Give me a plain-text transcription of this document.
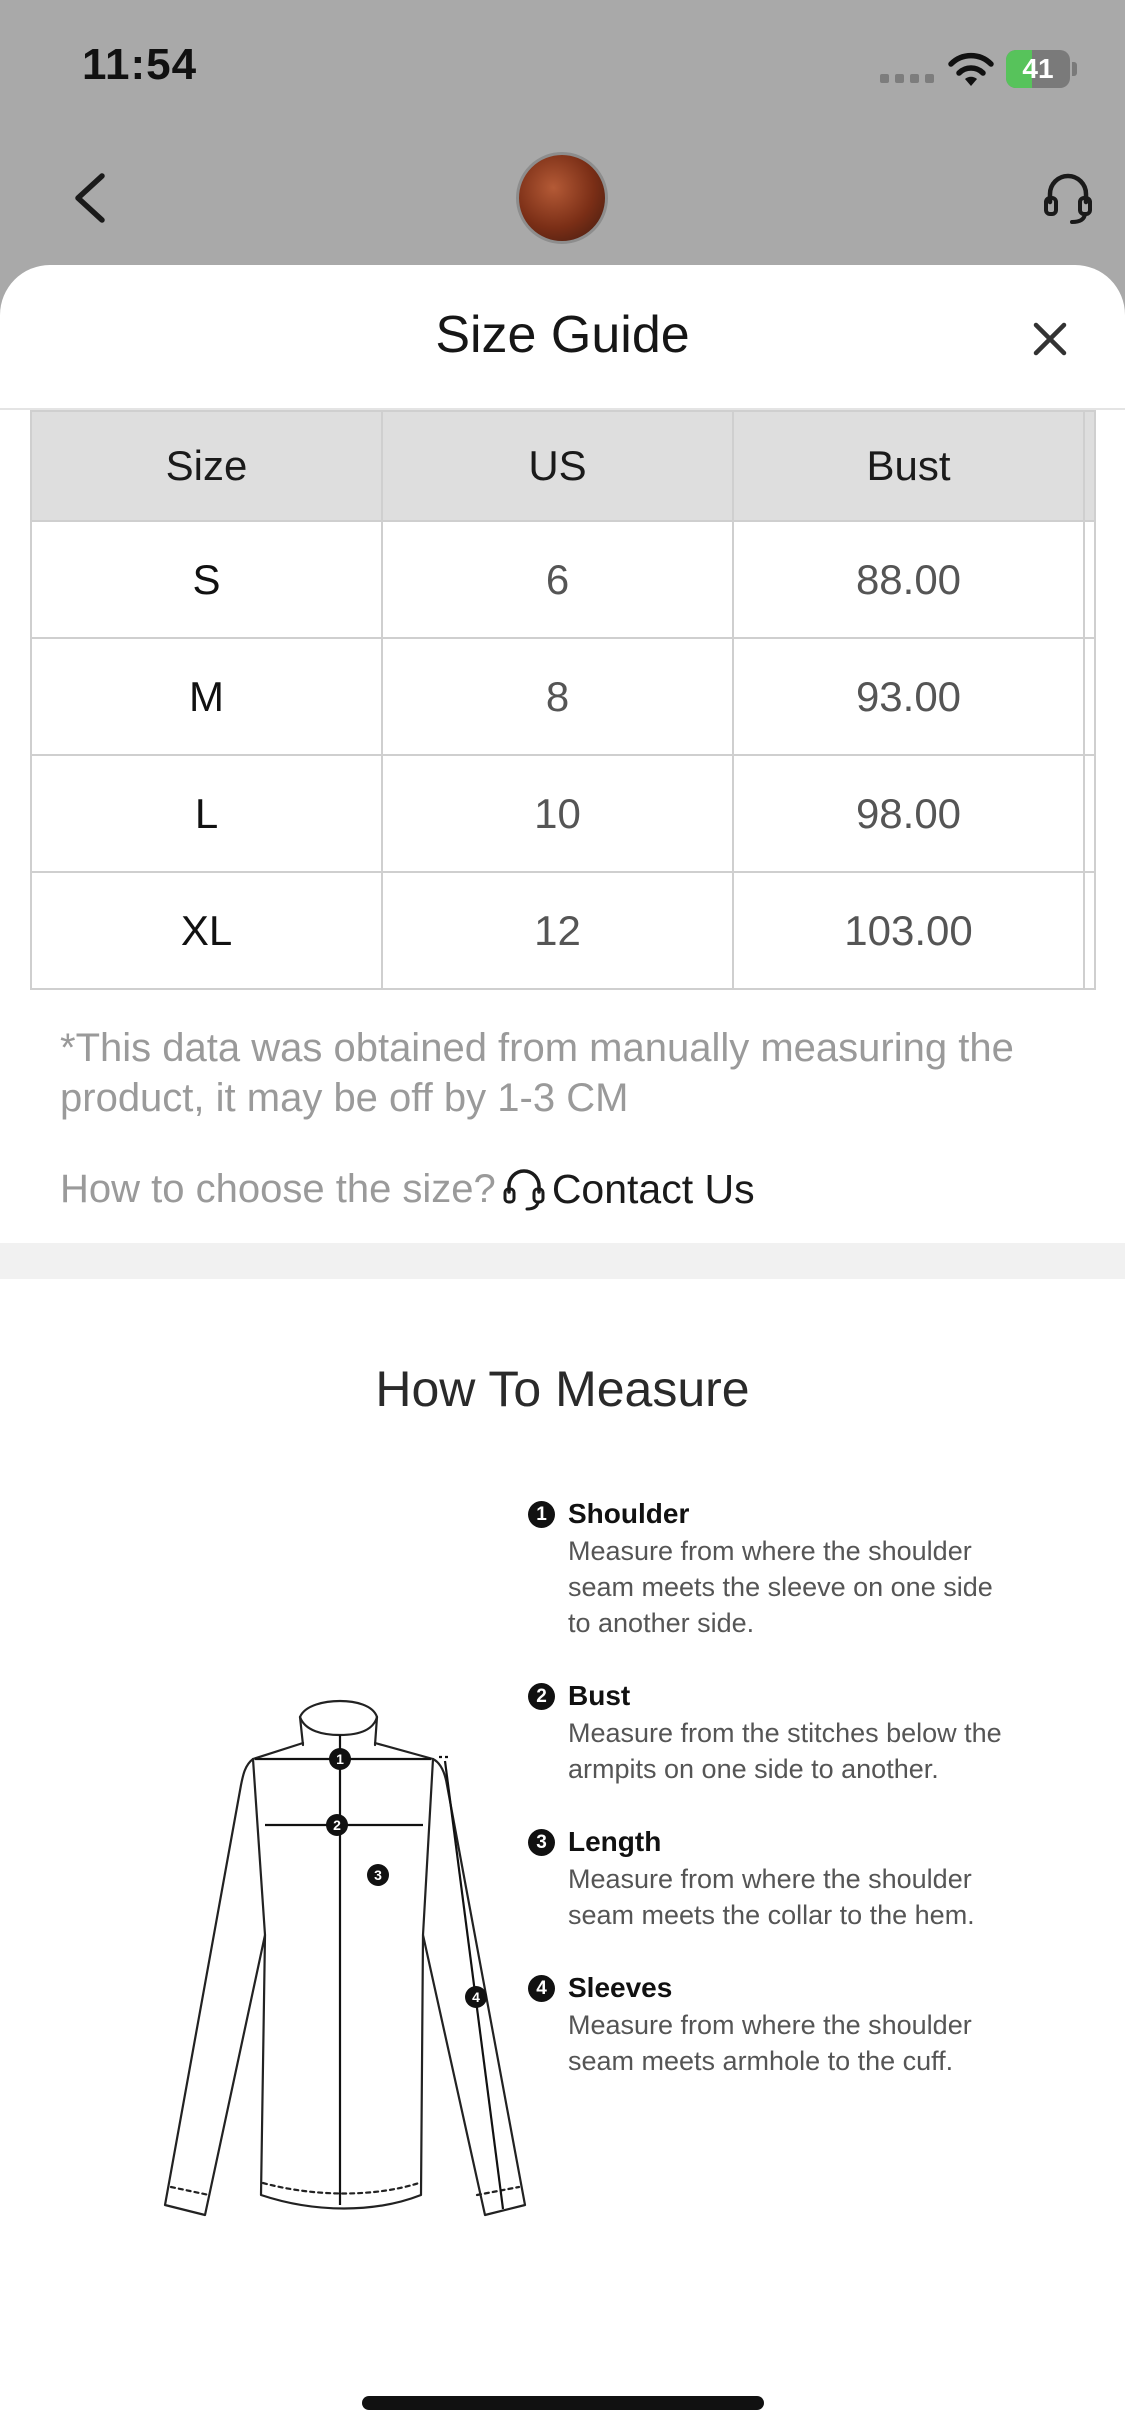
11:54	41
Size Guide
Size	US	Bust	
S	6	88.00	
M	8	93.00	
L	10	98.00	
XL	12	103.00	
*This data was obtained from manually measuring the product, it may be off by 1-3 CM
How to choose the size? Contact Us
How To Measure
1
2
3
4
1 Shoulder
Measure from where the shoulder seam meets the sleeve on one side to another side.
2 Bust
Measure from the stitches below the armpits on one side to another.
3 Length
Measure from where the shoulder seam meets the collar to the hem.
4 Sleeves
Measure from where the shoulder seam meets armhole to the cuff.
